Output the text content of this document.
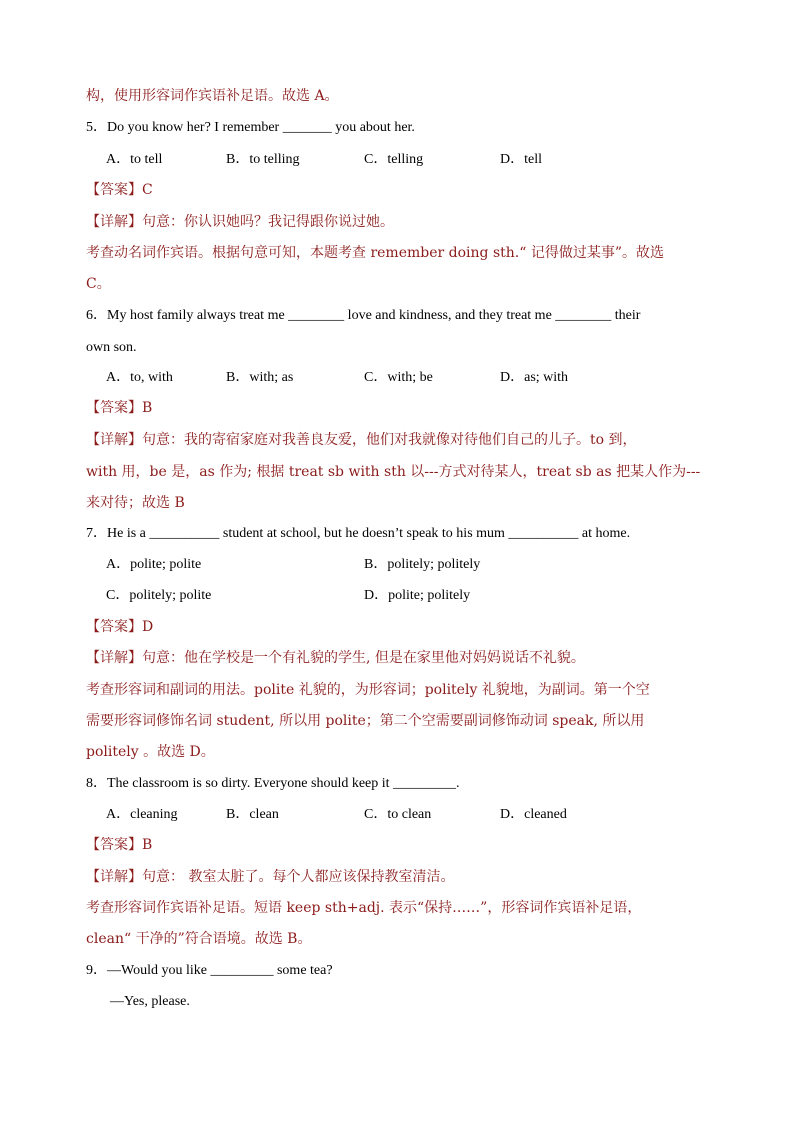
构，使用形容词作宾语补足语。故选 A。
5．Do you know her? I remember _______ you about her.
A．to tell	B．to telling	C．telling	D．tell
【答案】C
【详解】句意：你认识她吗？我记得跟你说过她。
考查动名词作宾语。根据句意可知，本题考查 remember doing sth.“ 记得做过某事”。故选
C。
6．My host family always treat me ________ love and kindness, and they treat me ________ their
own son.
A．to, with	B．with; as	C．with; be	D．as; with
【答案】B
【详解】句意：我的寄宿家庭对我善良友爱，他们对我就像对待他们自己的儿子。to 到，
with 用，be 是，as 作为; 根据 treat sb with sth 以---方式对待某人，treat sb as 把某人作为---
来对待；故选 B
7．He is a __________ student at school, but he doesn’t speak to his mum __________ at home.
A．polite; polite	B．politely; politely
C．politely; polite	D．polite; politely
【答案】D
【详解】句意：他在学校是一个有礼貌的学生, 但是在家里他对妈妈说话不礼貌。
考查形容词和副词的用法。polite 礼貌的，为形容词；politely 礼貌地，为副词。第一个空
需要形容词修饰名词 student, 所以用 polite；第二个空需要副词修饰动词 speak, 所以用
politely 。故选 D。
8．The classroom is so dirty. Everyone should keep it _________.
A．cleaning	B．clean	C．to clean	D．cleaned
【答案】B
【详解】句意： 教室太脏了。每个人都应该保持教室清洁。
考查形容词作宾语补足语。短语 keep sth+adj. 表示“保持……”，形容词作宾语补足语，
clean“ 干净的”符合语境。故选 B。
9．—Would you like _________ some tea?
—Yes, please.
